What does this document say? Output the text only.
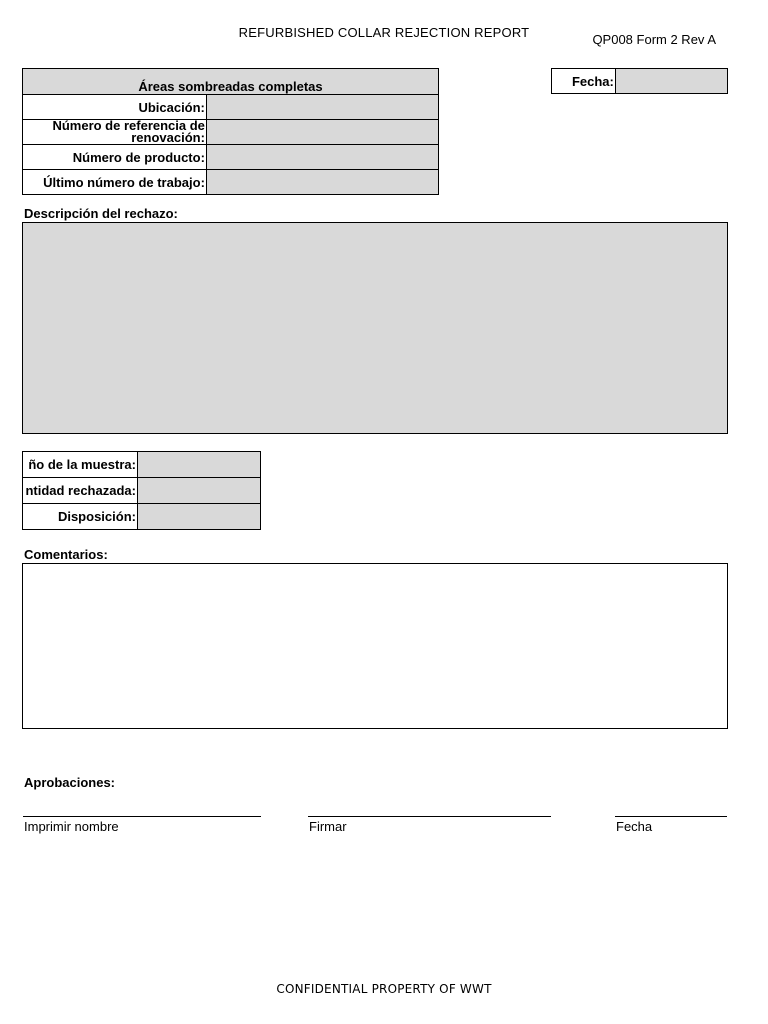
REFURBISHED COLLAR REJECTION REPORT	QP008 Form 2 Rev A
Áreas sombreadas completas	
Ubicación:	
Número de referencia de renovación:	
Número de producto:	
Último número de trabajo:	
Fecha:	
Descripción del rechazo:
ño de la muestra:	
ntidad rechazada:	
Disposición:	
Comentarios:
Aprobaciones:
Imprimir nombre	Firmar	Fecha
CONFIDENTIAL PROPERTY OF WWT
